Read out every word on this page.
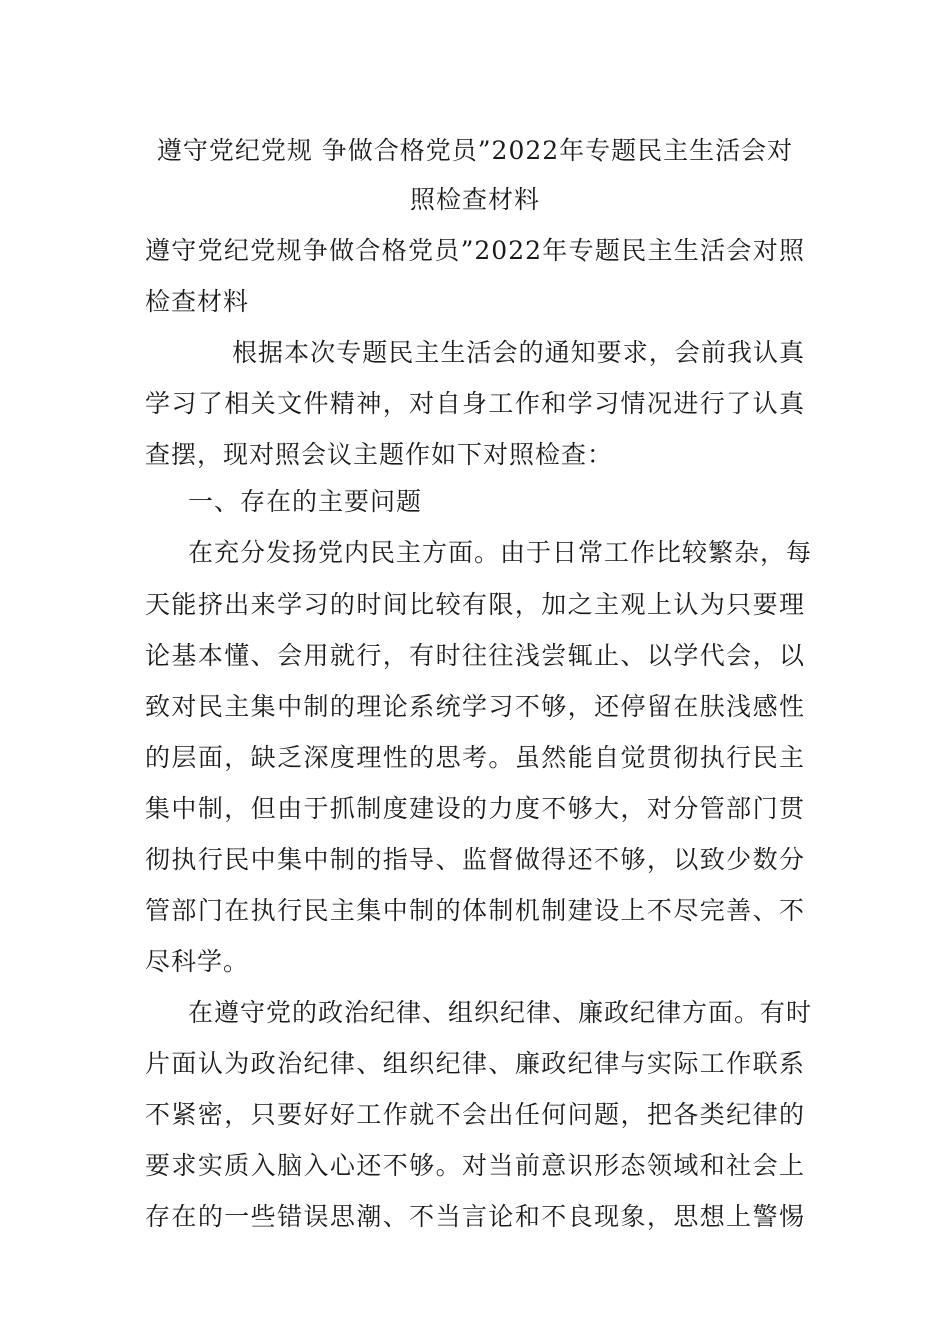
遵守党纪党规 争做合格党员”2022年专题民主生活会对
照检查材料
遵守党纪党规争做合格党员”2022年专题民主生活会对照
检查材料
根据本次专题民主生活会的通知要求，会前我认真
学习了相关文件精神，对自身工作和学习情况进行了认真
查摆，现对照会议主题作如下对照检查：
一、存在的主要问题
在充分发扬党内民主方面。由于日常工作比较繁杂，每
天能挤出来学习的时间比较有限，加之主观上认为只要理
论基本懂、会用就行，有时往往浅尝辄止、以学代会，以
致对民主集中制的理论系统学习不够，还停留在肤浅感性
的层面，缺乏深度理性的思考。虽然能自觉贯彻执行民主
集中制，但由于抓制度建设的力度不够大，对分管部门贯
彻执行民中集中制的指导、监督做得还不够，以致少数分
管部门在执行民主集中制的体制机制建设上不尽完善、不
尽科学。
在遵守党的政治纪律、组织纪律、廉政纪律方面。有时
片面认为政治纪律、组织纪律、廉政纪律与实际工作联系
不紧密，只要好好工作就不会出任何问题，把各类纪律的
要求实质入脑入心还不够。对当前意识形态领域和社会上
存在的一些错误思潮、不当言论和不良现象，思想上警惕
